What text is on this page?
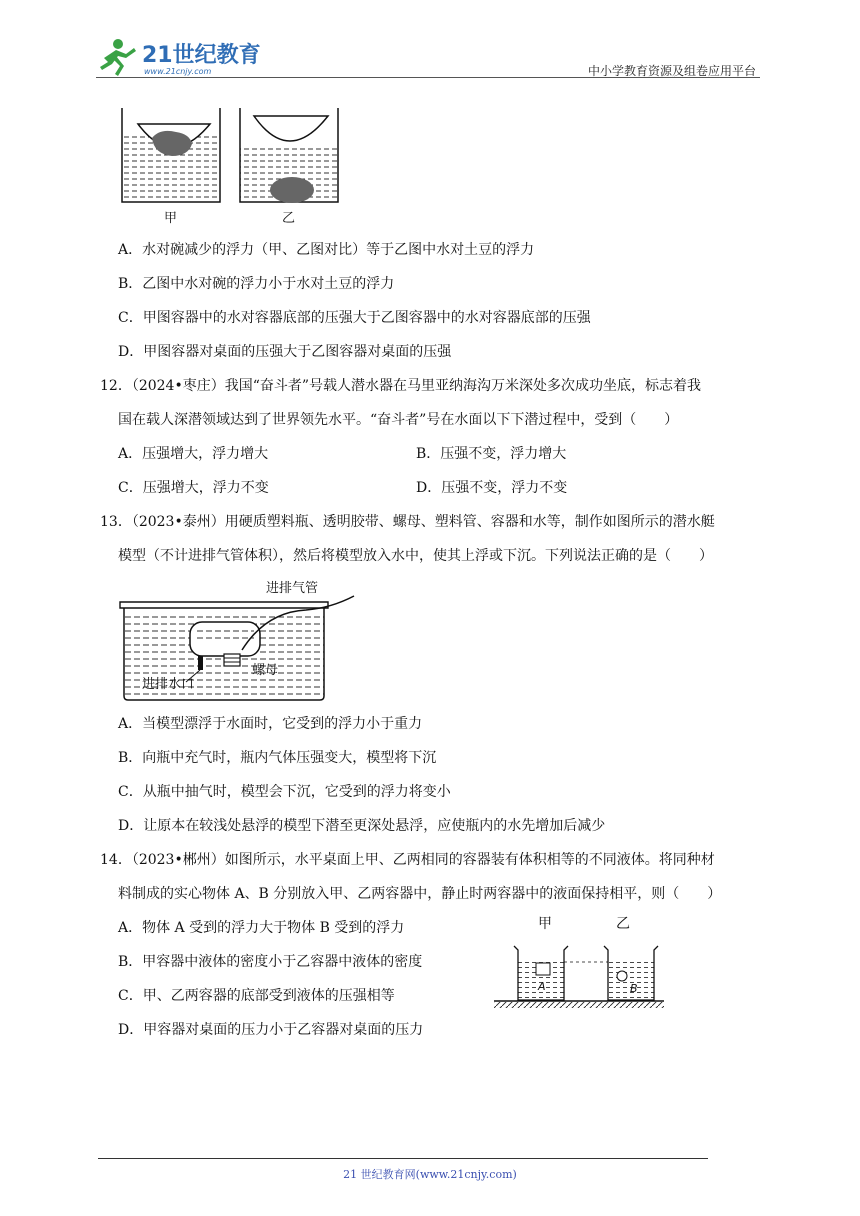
21世纪教育
www.21cnjy.com	中小学教育资源及组卷应用平台
甲	乙
A．水对碗减少的浮力（甲、乙图对比）等于乙图中水对土豆的浮力
B．乙图中水对碗的浮力小于水对土豆的浮力
C．甲图容器中的水对容器底部的压强大于乙图容器中的水对容器底部的压强
D．甲图容器对桌面的压强大于乙图容器对桌面的压强
12．（2024•枣庄）我国“奋斗者”号载人潜水器在马里亚纳海沟万米深处多次成功坐底，标志着我
国在载人深潜领域达到了世界领先水平。“奋斗者”号在水面以下下潜过程中，受到（　　）
A．压强增大，浮力增大	B．压强不变，浮力增大
C．压强增大，浮力不变	D．压强不变，浮力不变
13．（2023•泰州）用硬质塑料瓶、透明胶带、螺母、塑料管、容器和水等，制作如图所示的潜水艇
模型（不计进排气管体积），然后将模型放入水中，使其上浮或下沉。下列说法正确的是（　　）
进排气管
螺母
进排水口
A．当模型漂浮于水面时，它受到的浮力小于重力
B．向瓶中充气时，瓶内气体压强变大，模型将下沉
C．从瓶中抽气时，模型会下沉，它受到的浮力将变小
D．让原本在较浅处悬浮的模型下潜至更深处悬浮，应使瓶内的水先增加后减少
14．（2023•郴州）如图所示，水平桌面上甲、乙两相同的容器装有体积相等的不同液体。将同种材
料制成的实心物体 A、B 分别放入甲、乙两容器中，静止时两容器中的液面保持相平，则（　　）
A．物体 A 受到的浮力大于物体 B 受到的浮力
B．甲容器中液体的密度小于乙容器中液体的密度
C．甲、乙两容器的底部受到液体的压强相等
D．甲容器对桌面的压力小于乙容器对桌面的压力
甲	乙
A	B
21 世纪教育网(www.21cnjy.com)
